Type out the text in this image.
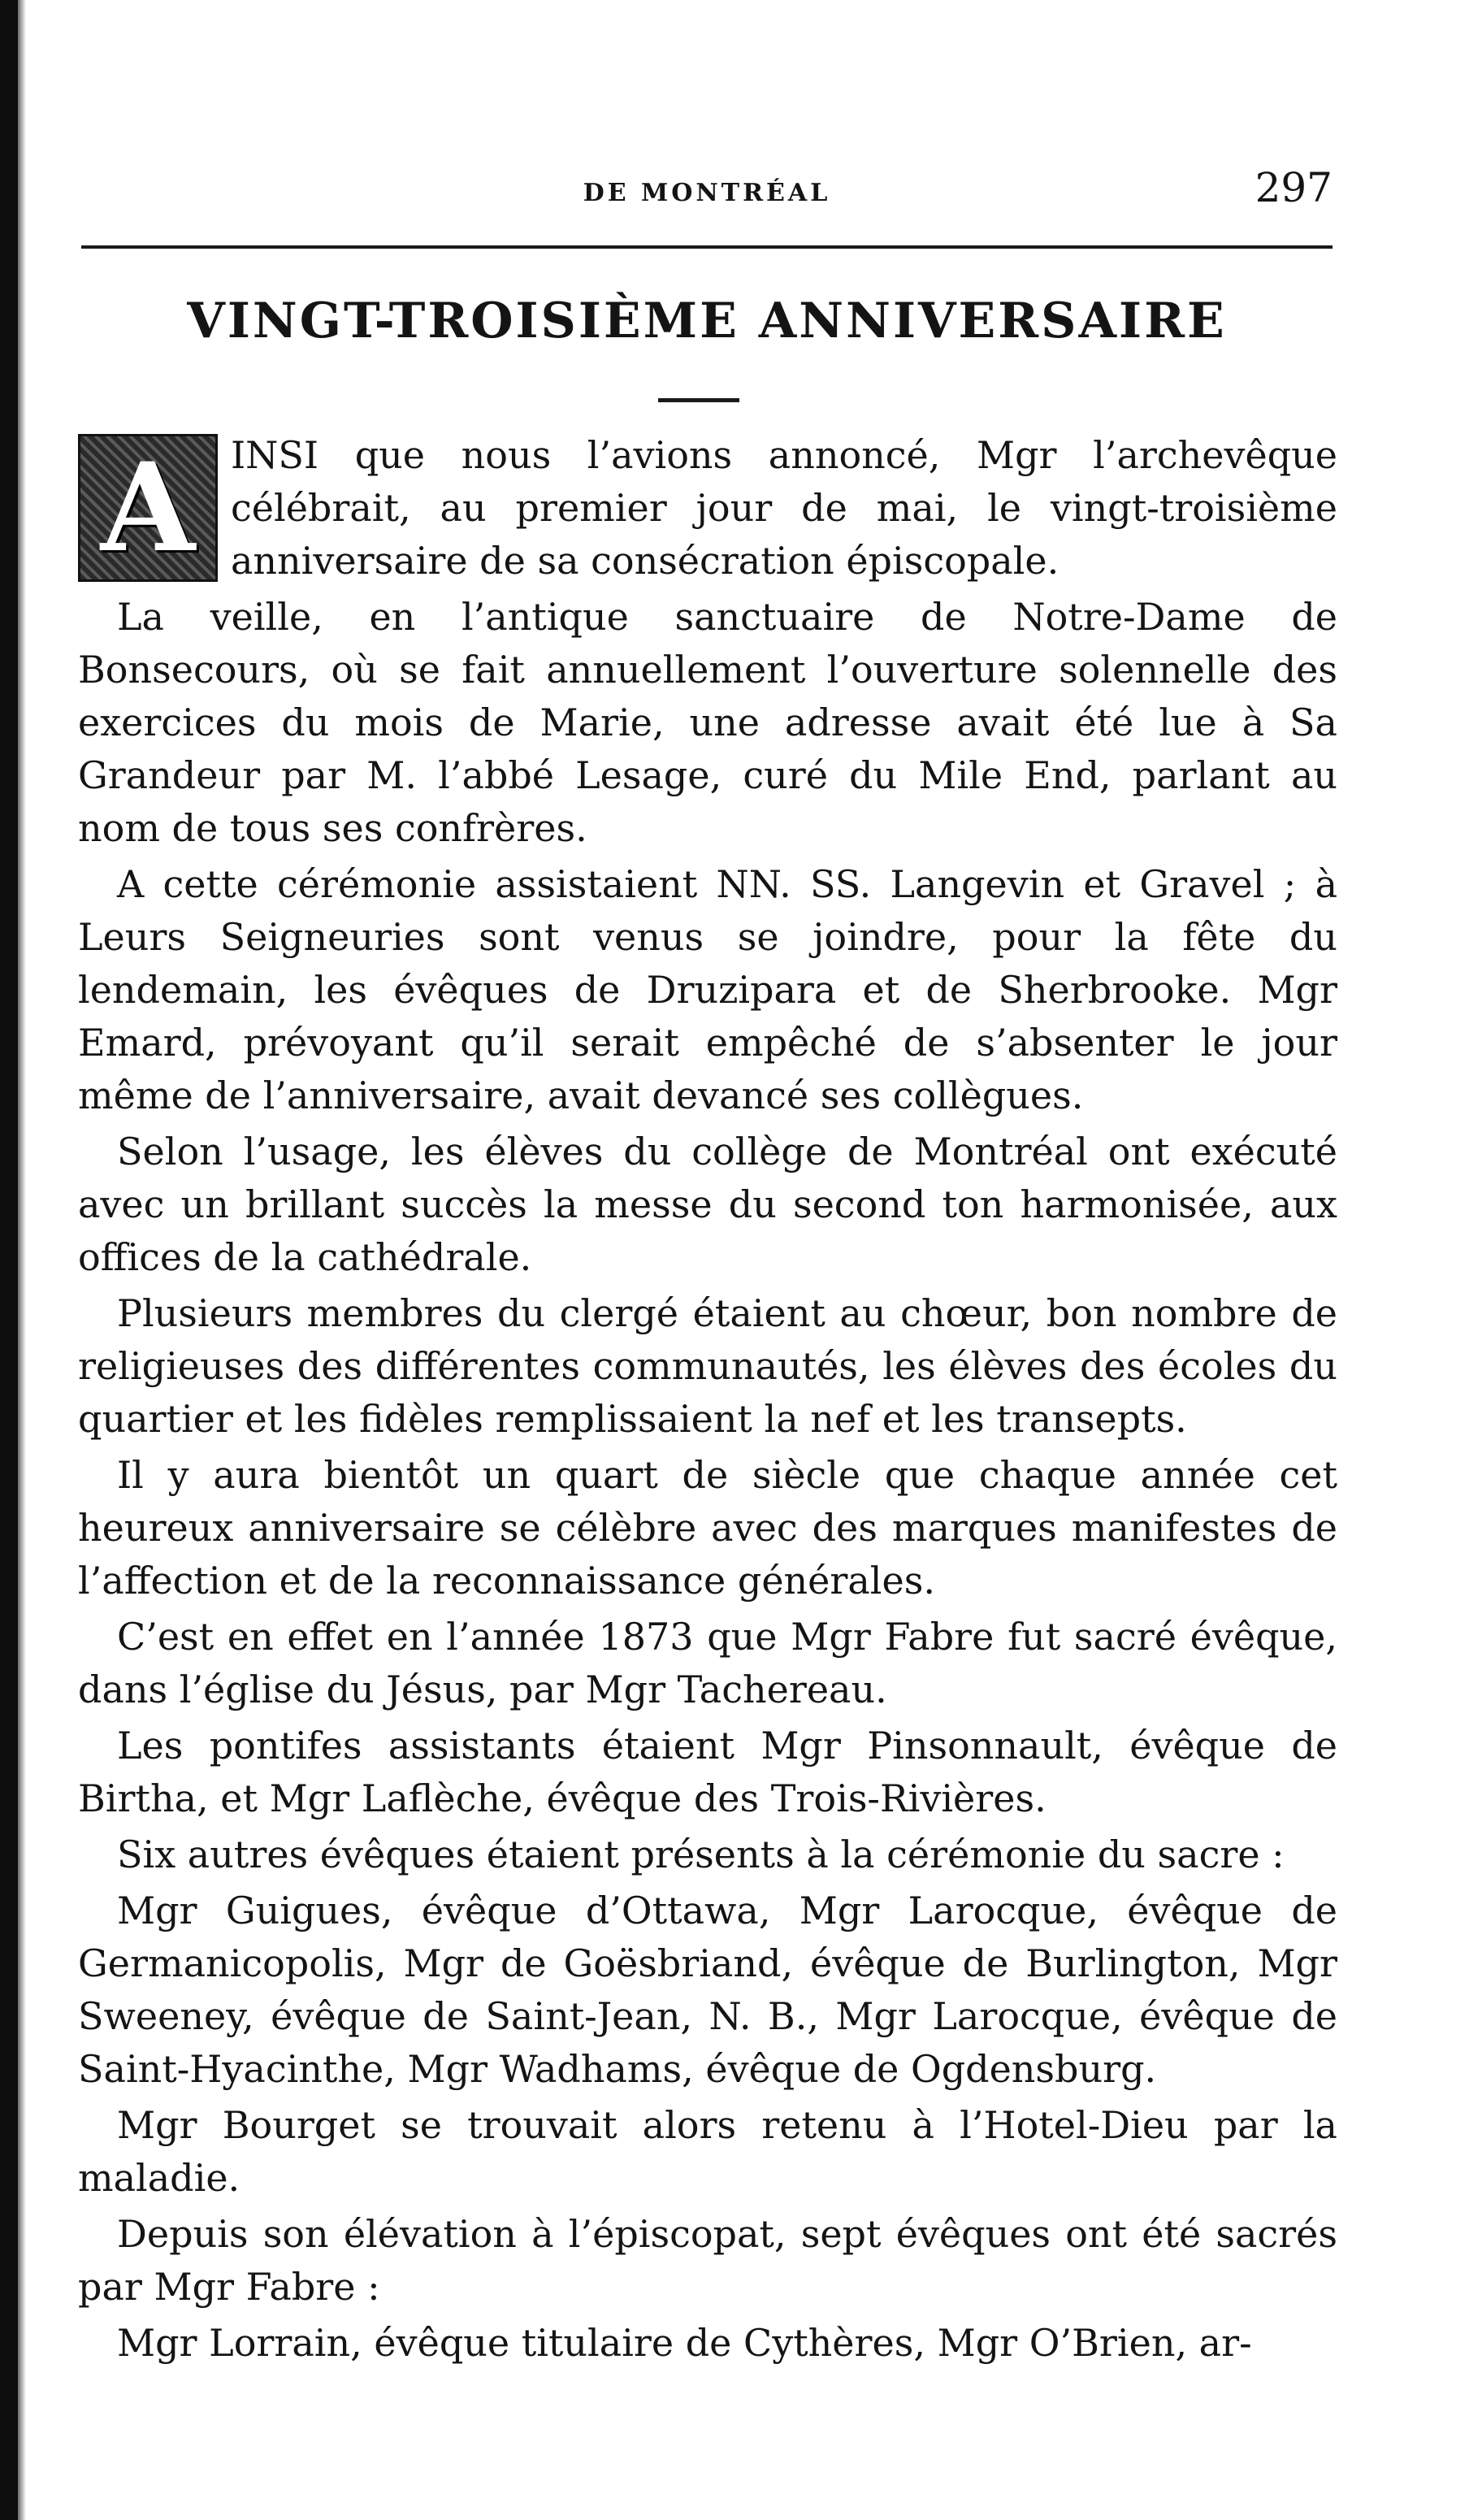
DE MONTRÉAL	297
VINGT-TROISIÈME ANNIVERSAIRE

A INSI que nous l’avions annoncé, Mgr l’archevêque célébrait, au premier jour de mai, le vingt-troisième anniversaire de sa consécration épiscopale.

La veille, en l’antique sanctuaire de Notre-Dame de Bonsecours, où se fait annuellement l’ouverture solennelle des exercices du mois de Marie, une adresse avait été lue à Sa Grandeur par M. l’abbé Lesage, curé du Mile End, parlant au nom de tous ses confrères.

A cette cérémonie assistaient NN. SS. Langevin et Gravel ; à Leurs Seigneuries sont venus se joindre, pour la fête du lendemain, les évêques de Druzipara et de Sherbrooke. Mgr Emard, prévoyant qu’il serait empêché de s’absenter le jour même de l’anniversaire, avait devancé ses collègues.

Selon l’usage, les élèves du collège de Montréal ont exécuté avec un brillant succès la messe du second ton harmonisée, aux offices de la cathédrale.

Plusieurs membres du clergé étaient au chœur, bon nombre de religieuses des différentes communautés, les élèves des écoles du quartier et les fidèles remplissaient la nef et les transepts.

Il y aura bientôt un quart de siècle que chaque année cet heureux anniversaire se célèbre avec des marques manifestes de l’affection et de la reconnaissance générales.

C’est en effet en l’année 1873 que Mgr Fabre fut sacré évêque, dans l’église du Jésus, par Mgr Tachereau.

Les pontifes assistants étaient Mgr Pinsonnault, évêque de Birtha, et Mgr Laflèche, évêque des Trois-Rivières.

Six autres évêques étaient présents à la cérémonie du sacre :

Mgr Guigues, évêque d’Ottawa, Mgr Larocque, évêque de Germanicopolis, Mgr de Goësbriand, évêque de Burlington, Mgr Sweeney, évêque de Saint-Jean, N. B., Mgr Larocque, évêque de Saint-Hyacinthe, Mgr Wadhams, évêque de Ogdensburg.

Mgr Bourget se trouvait alors retenu à l’Hotel-Dieu par la maladie.

Depuis son élévation à l’épiscopat, sept évêques ont été sacrés par Mgr Fabre :

Mgr Lorrain, évêque titulaire de Cythères, Mgr O’Brien, ar-
